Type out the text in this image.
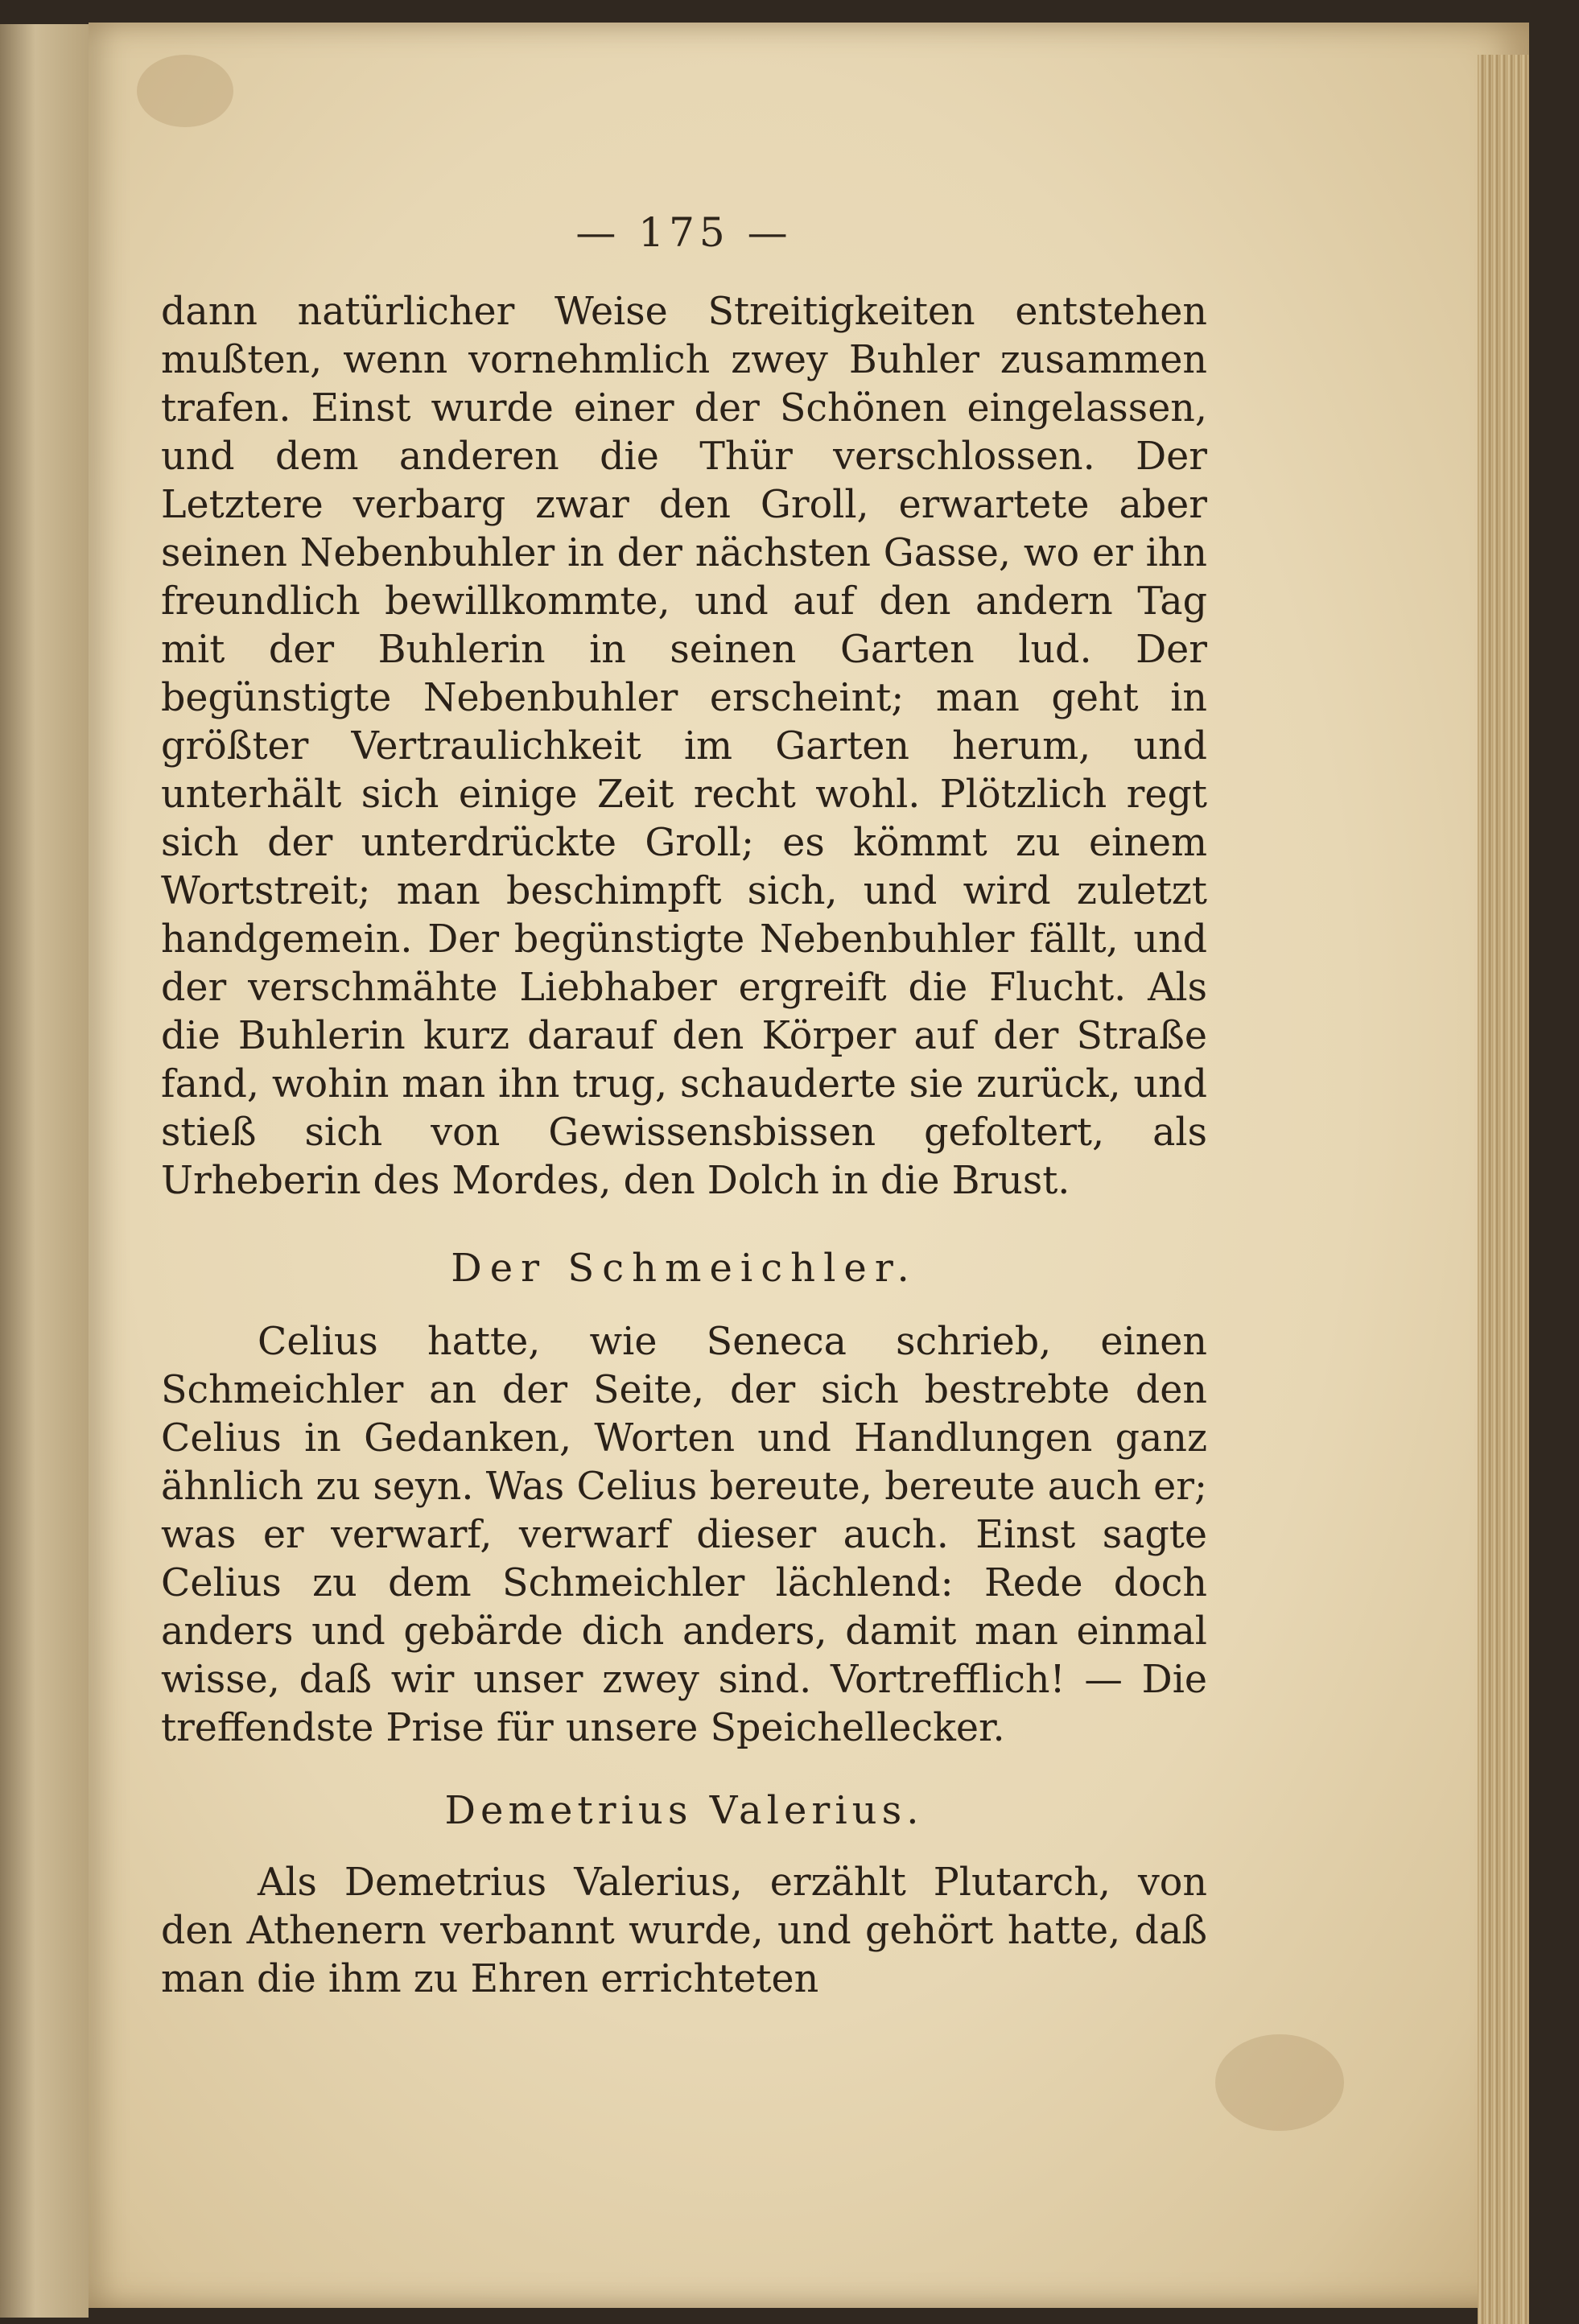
— 175 —

dann natürlicher Weise Streitigkeiten entstehen mußten, wenn vornehmlich zwey Buhler zusammen trafen. Einst wurde einer der Schönen eingelassen, und dem anderen die Thür verschlossen. Der Letztere verbarg zwar den Groll, erwartete aber seinen Nebenbuhler in der nächsten Gasse, wo er ihn freundlich bewillkommte, und auf den andern Tag mit der Buhlerin in seinen Garten lud. Der begünstigte Nebenbuhler erscheint; man geht in größter Vertraulichkeit im Garten herum, und unterhält sich einige Zeit recht wohl. Plötzlich regt sich der unterdrückte Groll; es kömmt zu einem Wortstreit; man beschimpft sich, und wird zuletzt handgemein. Der begünstigte Nebenbuhler fällt, und der verschmähte Liebhaber ergreift die Flucht. Als die Buhlerin kurz darauf den Körper auf der Straße fand, wohin man ihn trug, schauderte sie zurück, und stieß sich von Gewissensbissen gefoltert, als Urheberin des Mordes, den Dolch in die Brust.

Der Schmeichler.

Celius hatte, wie Seneca schrieb, einen Schmeichler an der Seite, der sich bestrebte den Celius in Gedanken, Worten und Handlungen ganz ähnlich zu seyn. Was Celius bereute, bereute auch er; was er verwarf, verwarf dieser auch. Einst sagte Celius zu dem Schmeichler lächlend: Rede doch anders und gebärde dich anders, damit man einmal wisse, daß wir unser zwey sind. Vortrefflich! — Die treffendste Prise für unsere Speichellecker.

Demetrius Valerius.

Als Demetrius Valerius, erzählt Plutarch, von den Athenern verbannt wurde, und gehört hatte, daß man die ihm zu Ehren errichteten
